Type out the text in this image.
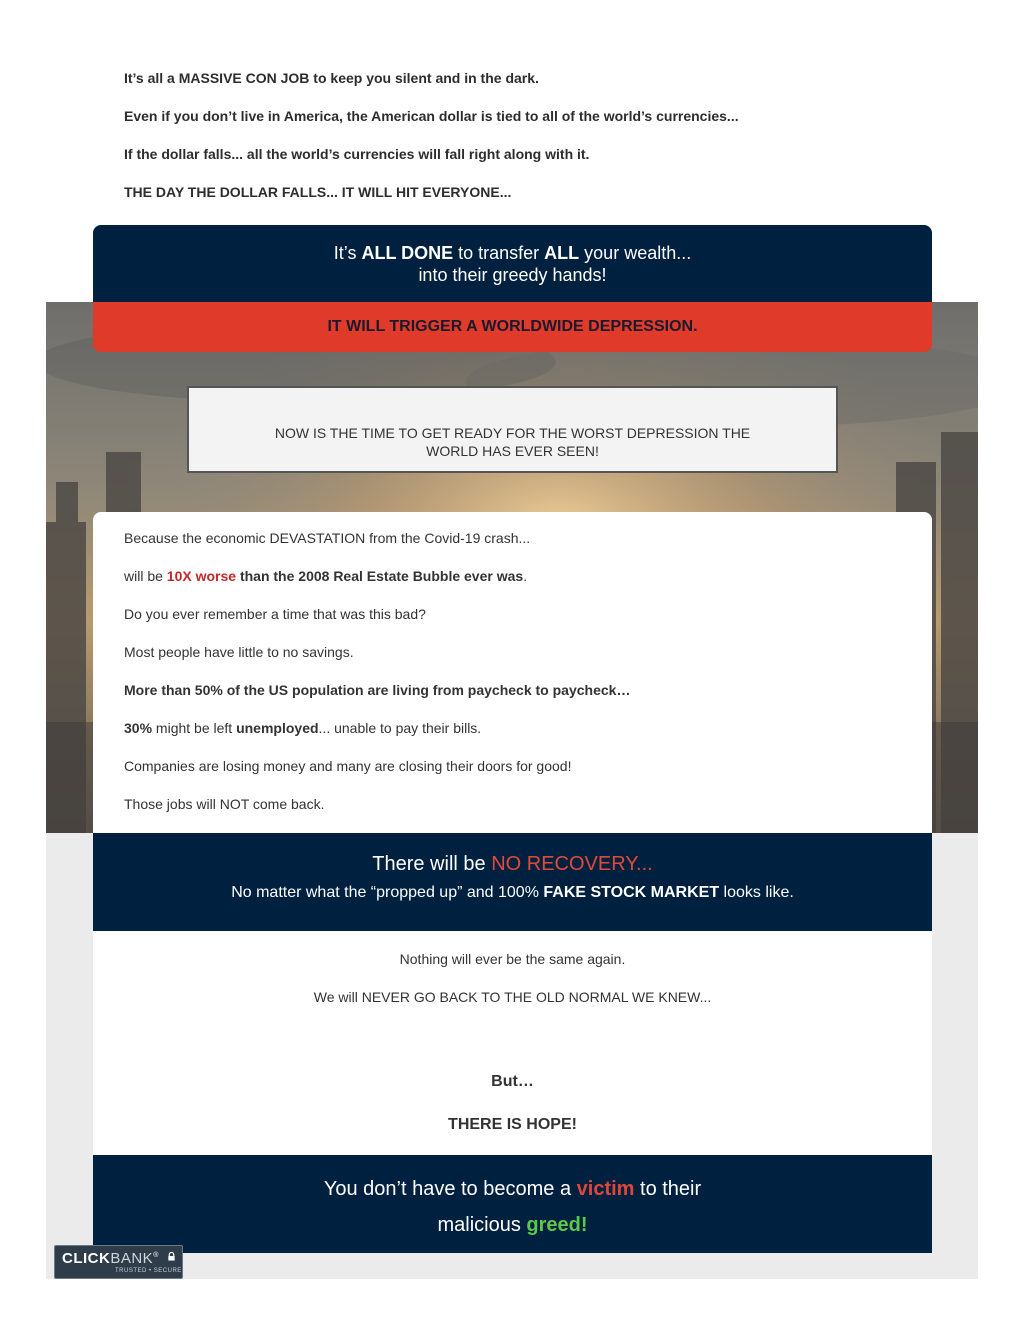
It’s all a MASSIVE CON JOB to keep you silent and in the dark.

Even if you don’t live in America, the American dollar is tied to all of the world’s currencies...

If the dollar falls... all the world’s currencies will fall right along with it.

THE DAY THE DOLLAR FALLS... IT WILL HIT EVERYONE...

It’s ALL DONE to transfer ALL your wealth...
into their greedy hands!
IT WILL TRIGGER A WORLDWIDE DEPRESSION.
NOW IS THE TIME TO GET READY FOR THE WORST DEPRESSION THE
WORLD HAS EVER SEEN!

Because the economic DEVASTATION from the Covid-19 crash...

will be 10X worse than the 2008 Real Estate Bubble ever was.

Do you ever remember a time that was this bad?

Most people have little to no savings.

More than 50% of the US population are living from paycheck to paycheck…

30% might be left unemployed... unable to pay their bills.

Companies are losing money and many are closing their doors for good!

Those jobs will NOT come back.

There will be NO RECOVERY...
No matter what the “propped up” and 100% FAKE STOCK MARKET looks like.
Nothing will ever be the same again.
We will NEVER GO BACK TO THE OLD NORMAL WE KNEW...
But…
THERE IS HOPE!
You don’t have to become a victim to their
malicious greed!
CLICKBANK®
TRUSTED • SECURE
